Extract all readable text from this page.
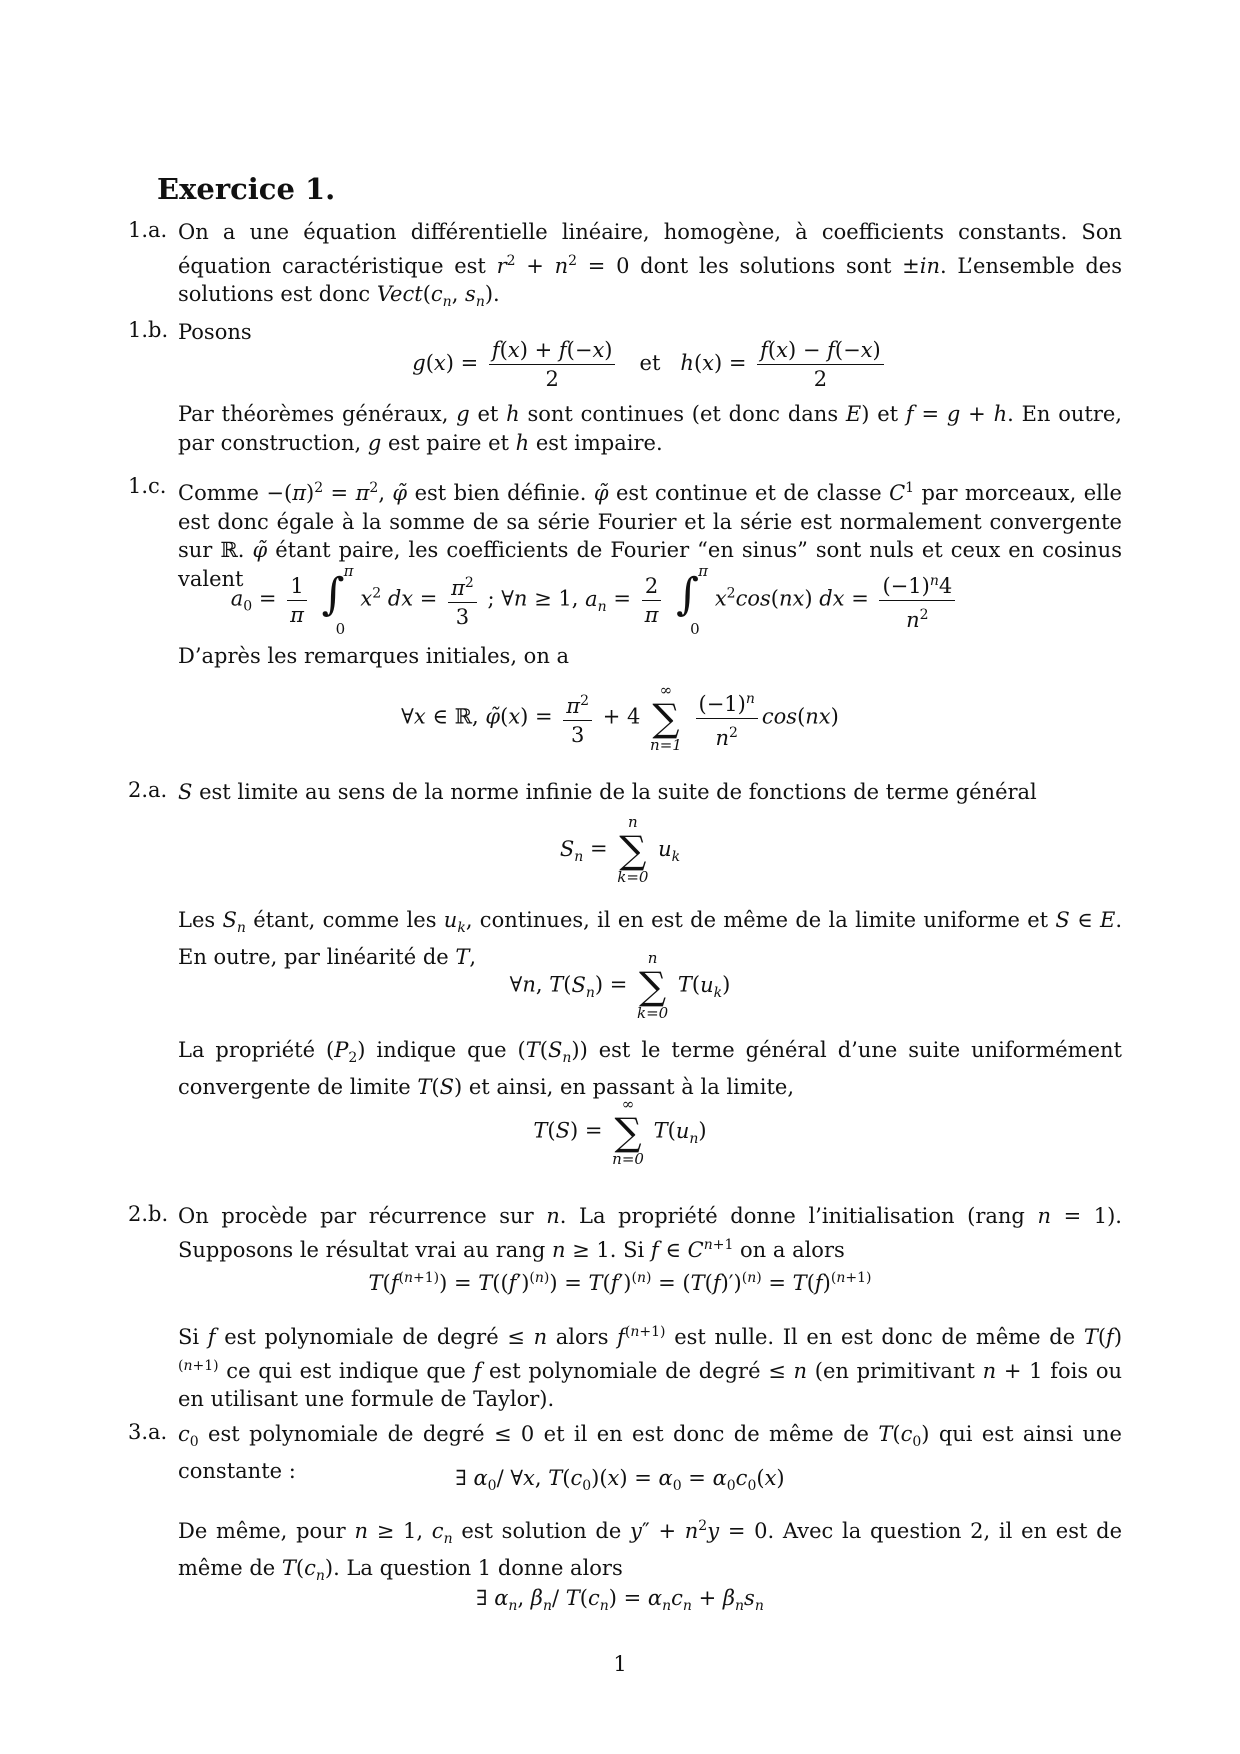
Exercice 1.
1.a. On a une équation différentielle linéaire, homogène, à coefficients constants. Son équation caractéristique est $r^2 + n^2 = 0$ dont les solutions sont ±in. L’ensemble des solutions est donc $Vect(c_n$, $s_n$).
1.b. Posons
$g(x) = \frac{f(x) + f(-x)}{2}$ et $h(x) = \frac{f(x) - f(-x)}{2}$
Par théorèmes généraux, g et h sont continues (et donc dans E) et f = g + h. En outre, par construction, g est paire et h est impaire.
1.c. Comme $-(\pi)^2 = \pi^2$, φ̃ est bien définie. φ̃ est continue et de classe $C^1$ par morceaux, elle est donc égale à la somme de sa série Fourier et la série est normalement convergente sur ℝ. φ̃ étant paire, les coefficients de Fourier “en sinus” sont nuls et ceux en cosinus valent
$a_0 = \frac{1}{\pi}$
∫ π
0
$x^2$ dx = $\frac{\pi^2}{3}$ ; ∀n ≥ 1, $a_n = \frac{2}{\pi}$
∫ π
0
$x^2\cos(nx)$ dx = $\frac{(-1)^n4}{n^2}$
D’après les remarques initiales, on a
∀x ∈ ℝ, φ̃(x) = $\frac{\pi^2}{3} + 4$
∞
∑
n=1
$\frac{(-1)^n}{n^2} \cos(nx)$
2.a. S est limite au sens de la norme infinie de la suite de fonctions de terme général
$S_n$ =
n
∑
k=0
$u_k$
Les $S_n$ étant, comme les $u_k$, continues, il en est de même de la limite uniforme et S ∈ E. En outre, par linéarité de T,
∀n, $T(S_n)$ =
n
∑
k=0
$T(u_k)$
La propriété $(P_2)$ indique que $(T(S_n))$ est le terme général d’une suite uniformément convergente de limite T(S) et ainsi, en passant à la limite,
T(S) =
∞
∑
n=0
$T(u_n)$
2.b. On procède par récurrence sur n. La propriété donne l’initialisation (rang n = 1). Supposons le résultat vrai au rang n ≥ 1. Si f ∈ $C^{n+1}$ on a alors
$T(f^{(n+1)}) = T((f')^{(n)}) = T(f')^{(n)} = (T(f)')^{(n)} = T(f)^{(n+1)}$
Si f est polynomiale de degré ≤ n alors $f^{(n+1)}$ est nulle. Il en est donc de même de $T(f)^{(n+1)}$ ce qui est indique que f est polynomiale de degré ≤ n (en primitivant n + 1 fois ou en utilisant une formule de Taylor).
3.a. $c_0$ est polynomiale de degré ≤ 0 et il en est donc de même de $T(c_0)$ qui est ainsi une constante :	∃ $\alpha_0/$ ∀x, $T(c_0)(x) = \alpha_0 = \alpha_0c_0(x)$
De même, pour n ≥ 1, $c_n$ est solution de $y'' + n^2y = 0$. Avec la question 2, il en est de même de $T(c_n)$. La question 1 donne alors
∃ $\alpha_n$, $\beta_n/$ $T(c_n) = \alpha_nc_n + \beta_ns_n$
1
